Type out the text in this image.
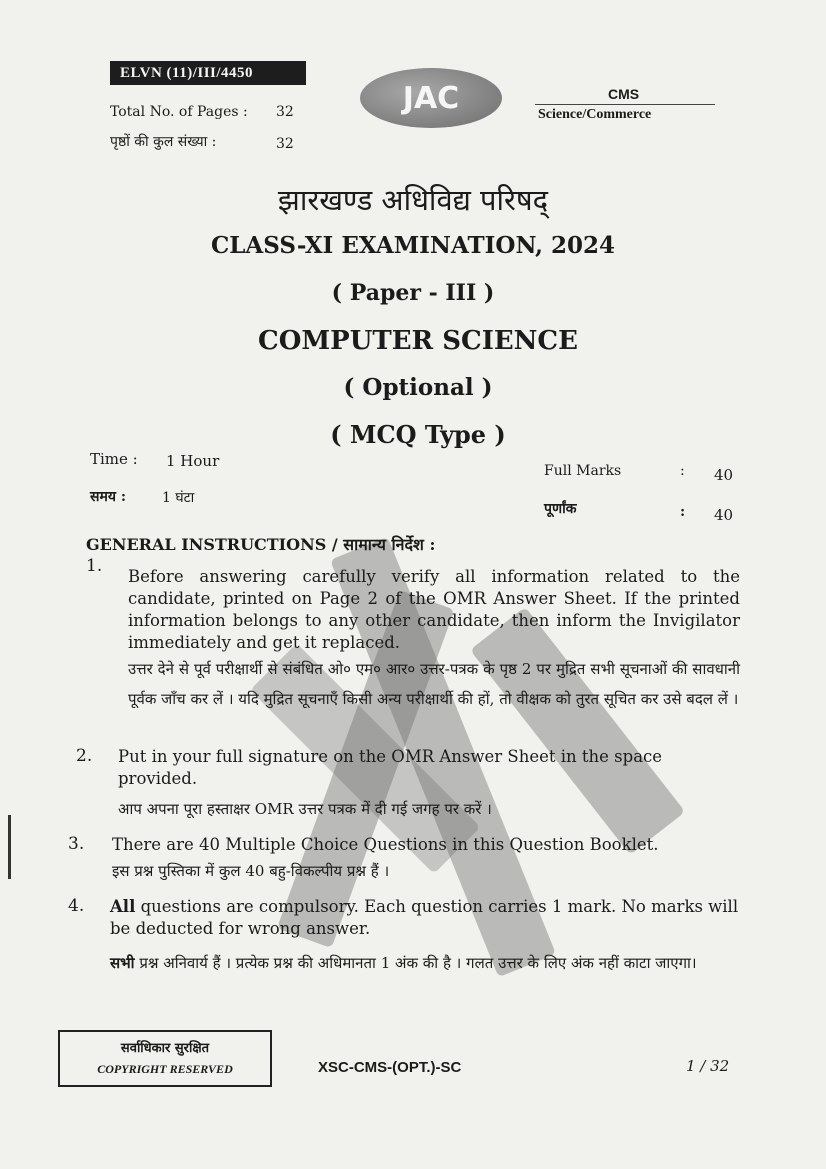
ELVN (11)/III/4450
Total No. of Pages : 32
पृष्ठों की कुल संख्या :	32
JAC	CMS
Science/Commerce
झारखण्ड अधिविद्य परिषद्
CLASS-XI EXAMINATION, 2024
( Paper - III )
COMPUTER SCIENCE
( Optional )
( MCQ Type )
Time : 1 Hour
समय :	1 घंटा
Full Marks	: 40
पूर्णांक	: 40
GENERAL INSTRUCTIONS / सामान्य निर्देश :
1.
Before answering carefully verify all information related to the candidate, printed on Page 2 of the OMR Answer Sheet. If the printed information belongs to any other candidate, then inform the Invigilator immediately and get it replaced.
उत्तर देने से पूर्व परीक्षार्थी से संबंधित ओ० एम० आर० उत्तर-पत्रक के पृष्ठ 2 पर मुद्रित सभी सूचनाओं की सावधानी पूर्वक जाँच कर लें । यदि मुद्रित सूचनाएँ किसी अन्य परीक्षार्थी की हों, तो वीक्षक को तुरत सूचित कर उसे बदल लें ।
2. Put in your full signature on the OMR Answer Sheet in the space provided.
आप अपना पूरा हस्ताक्षर OMR उत्तर पत्रक में दी गई जगह पर करें ।
3. There are 40 Multiple Choice Questions in this Question Booklet.
इस प्रश्न पुस्तिका में कुल 40 बहु-विकल्पीय प्रश्न हैं ।
4. All questions are compulsory. Each question carries 1 mark. No marks will be deducted for wrong answer.
सभी प्रश्न अनिवार्य हैं । प्रत्येक प्रश्न की अधिमानता 1 अंक की है । गलत उत्तर के लिए अंक नहीं काटा जाएगा।
सर्वाधिकार सुरक्षित
COPYRIGHT RESERVED	XSC-CMS-(OPT.)-SC	1 / 32
